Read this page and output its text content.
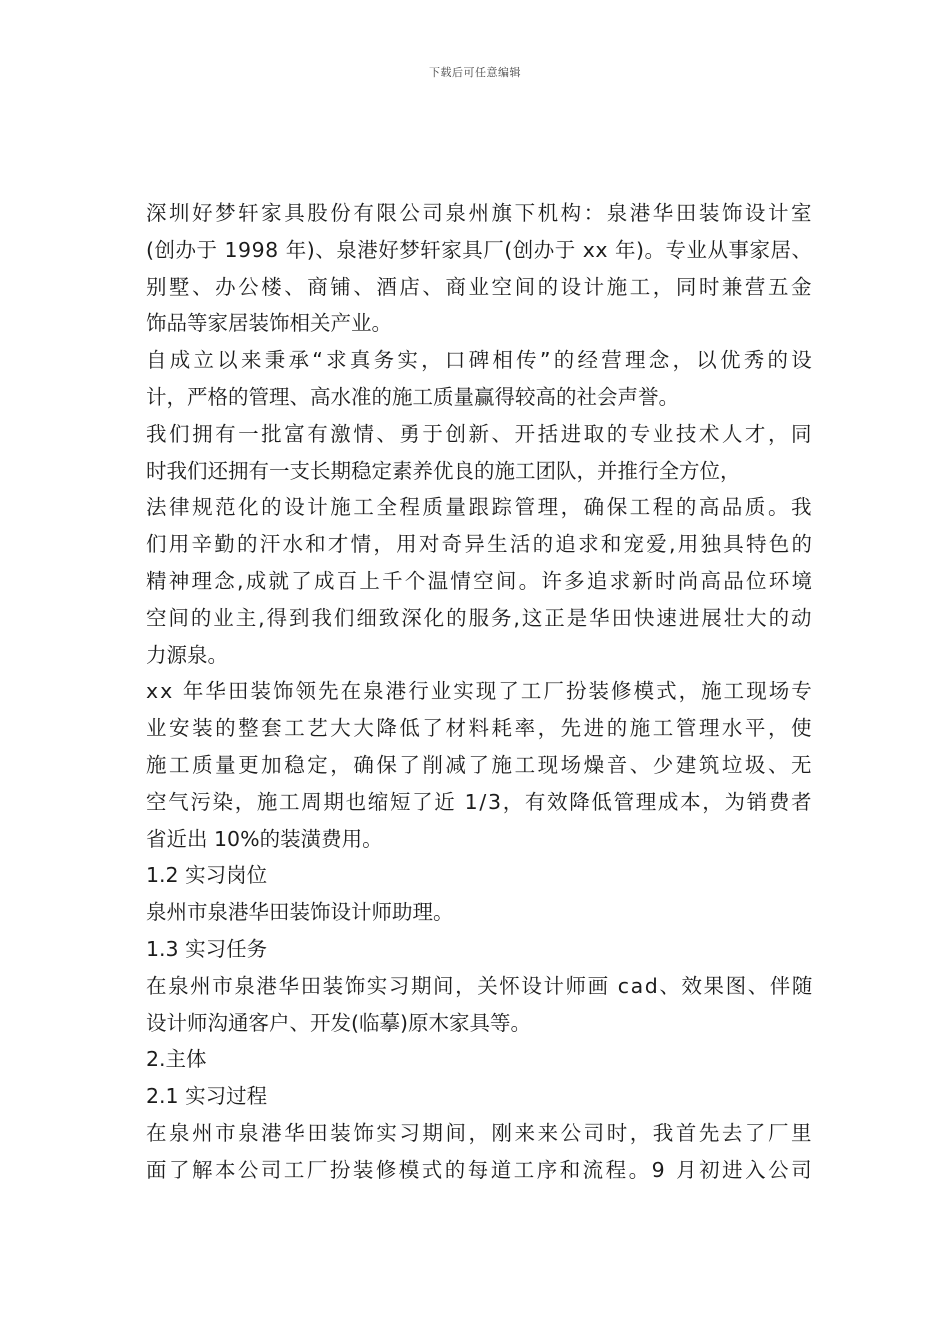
下载后可任意编辑
深圳好梦轩家具股份有限公司泉州旗下机构：泉港华田装饰设计室
(创办于 1998 年)、泉港好梦轩家具厂(创办于 xx 年)。专业从事家居、
别墅、办公楼、商铺、酒店、商业空间的设计施工，同时兼营五金
饰品等家居装饰相关产业。
自成立以来秉承“求真务实，口碑相传”的经营理念，以优秀的设
计，严格的管理、高水准的施工质量赢得较高的社会声誉。
我们拥有一批富有激情、勇于创新、开括进取的专业技术人才，同
时我们还拥有一支长期稳定素养优良的施工团队，并推行全方位，
法律规范化的设计施工全程质量跟踪管理，确保工程的高品质。我
们用辛勤的汗水和才情，用对奇异生活的追求和宠爱,用独具特色的
精神理念,成就了成百上千个温情空间。许多追求新时尚高品位环境
空间的业主,得到我们细致深化的服务,这正是华田快速进展壮大的动
力源泉。
xx 年华田装饰领先在泉港行业实现了工厂扮装修模式，施工现场专
业安装的整套工艺大大降低了材料耗率，先进的施工管理水平，使
施工质量更加稳定，确保了削减了施工现场燥音、少建筑垃圾、无
空气污染，施工周期也缩短了近 1/3，有效降低管理成本，为销费者
省近出 10%的装潢费用。
1.2 实习岗位
泉州市泉港华田装饰设计师助理。
1.3 实习任务
在泉州市泉港华田装饰实习期间，关怀设计师画 cad、效果图、伴随
设计师沟通客户、开发(临摹)原木家具等。
2.主体
2.1 实习过程
在泉州市泉港华田装饰实习期间，刚来来公司时，我首先去了厂里
面了解本公司工厂扮装修模式的每道工序和流程。9 月初进入公司
